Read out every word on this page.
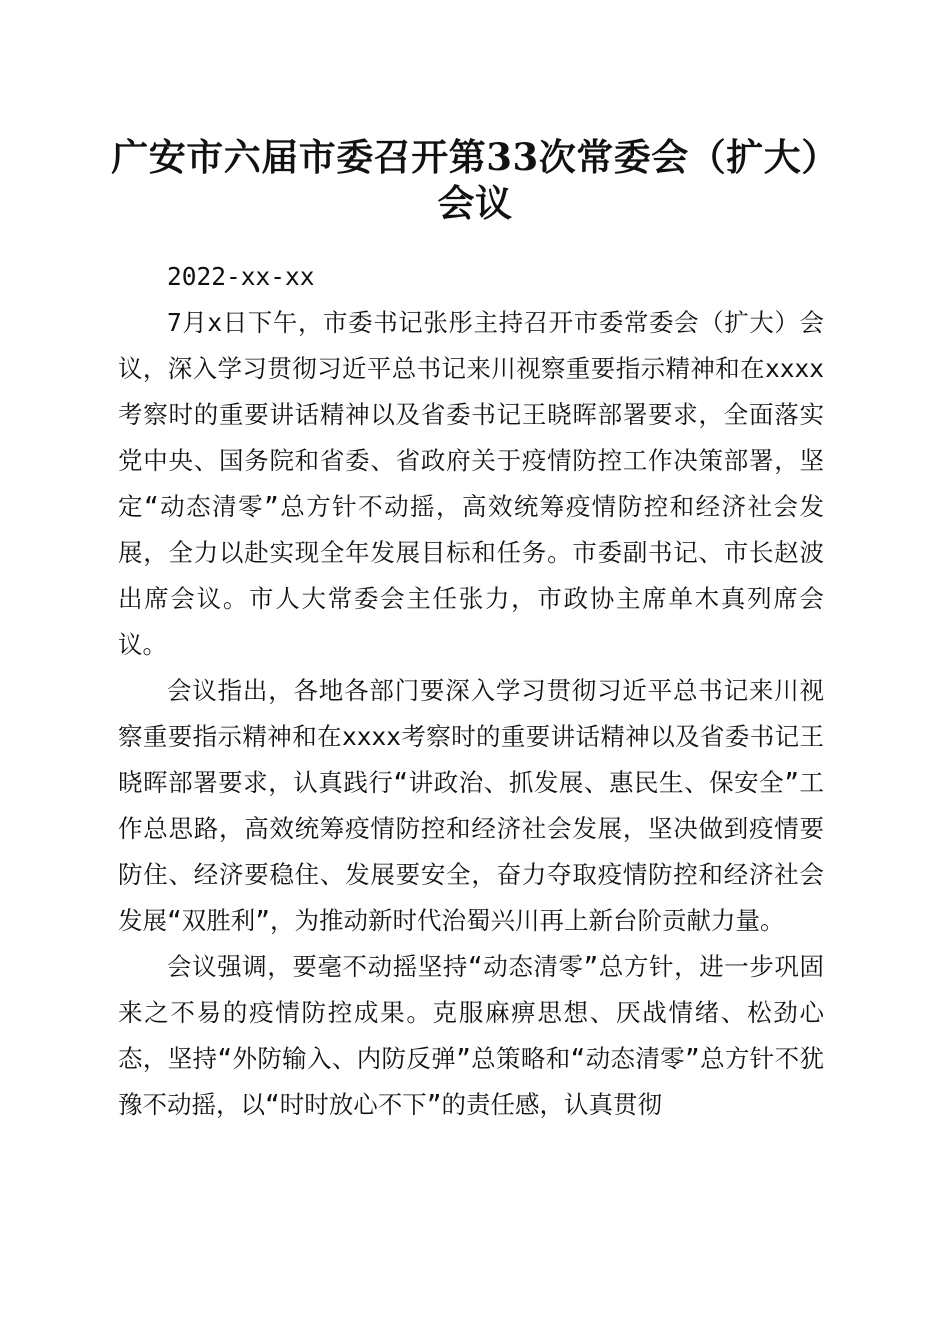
广安市六届市委召开第33次常委会（扩大）
会议

2022-xx-xx

7月x日下午，市委书记张彤主持召开市委常委会（扩大）会议，深入学习贯彻习近平总书记来川视察重要指示精神和在xxxx考察时的重要讲话精神以及省委书记王晓晖部署要求，全面落实党中央、国务院和省委、省政府关于疫情防控工作决策部署，坚定“动态清零”总方针不动摇，高效统筹疫情防控和经济社会发展，全力以赴实现全年发展目标和任务。市委副书记、市长赵波出席会议。市人大常委会主任张力，市政协主席单木真列席会议。

会议指出，各地各部门要深入学习贯彻习近平总书记来川视察重要指示精神和在xxxx考察时的重要讲话精神以及省委书记王晓晖部署要求，认真践行“讲政治、抓发展、惠民生、保安全”工作总思路，高效统筹疫情防控和经济社会发展，坚决做到疫情要防住、经济要稳住、发展要安全，奋力夺取疫情防控和经济社会发展“双胜利”，为推动新时代治蜀兴川再上新台阶贡献力量。

会议强调，要毫不动摇坚持“动态清零”总方针，进一步巩固来之不易的疫情防控成果。克服麻痹思想、厌战情绪、松劲心态，坚持“外防输入、内防反弹”总策略和“动态清零”总方针不犹豫不动摇，以“时时放心不下”的责任感，认真贯彻
